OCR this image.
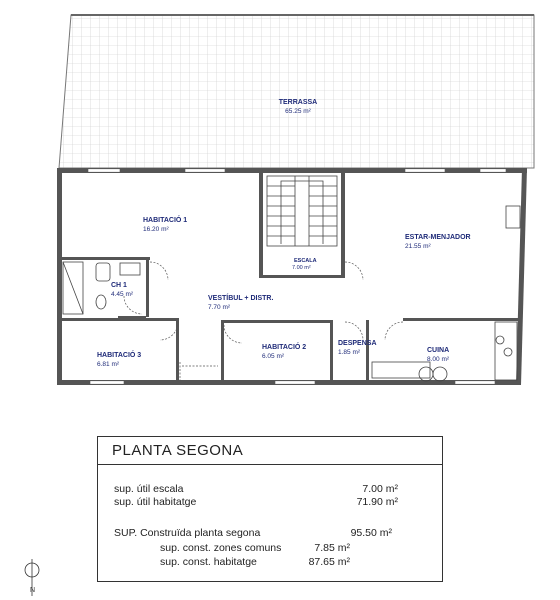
TERRASSA
65.25 m²
HABITACIÓ 1
16.20 m²
ESCALA
7.00 m²
ESTAR-MENJADOR
21.55 m²
CH 1
4.45 m²
VESTÍBUL + DISTR.
7.70 m²
HABITACIÓ 3
6.81 m²
HABITACIÓ 2
6.05 m²
DESPENSA
1.85 m²	CUINA
8.00 m²
PLANTA SEGONA
sup. útil escala	7.00 m²
sup. útil habitatge	71.90 m²
SUP. Construïda planta segona	95.50 m²
sup. const. zones comuns	7.85 m²
sup. const. habitatge	87.65 m²
N
